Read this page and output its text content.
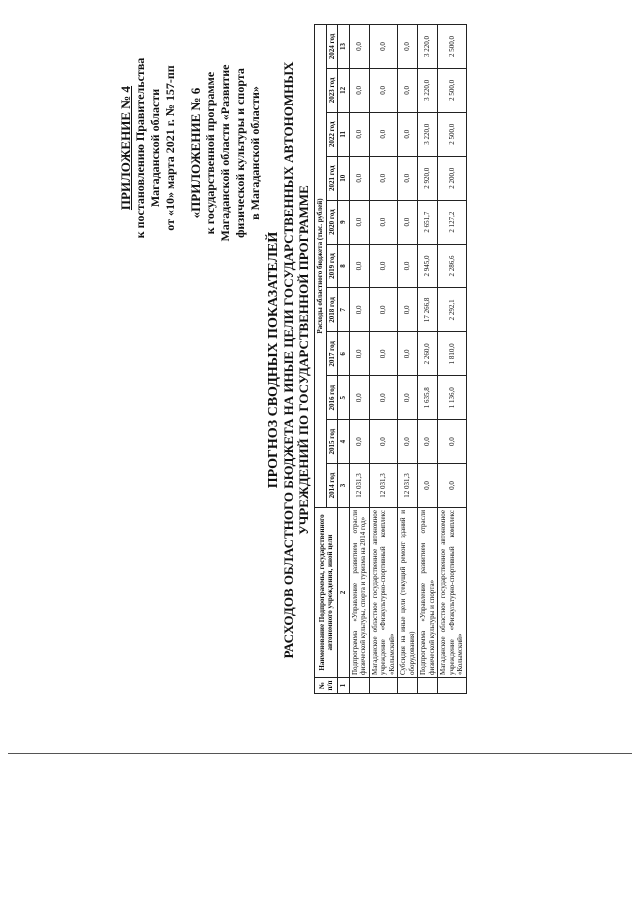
ПРИЛОЖЕНИЕ № 4 к постановлению Правительства Магаданской области от «10» марта 2021 г. № 157-пп «ПРИЛОЖЕНИЕ № 6 к государственной программе Магаданской области «Развитие физической культуры и спорта в Магаданской области»
ПРОГНОЗ СВОДНЫХ ПОКАЗАТЕЛЕЙ РАСХОДОВ ОБЛАСТНОГО БЮДЖЕТА НА ИНЫЕ ЦЕЛИ ГОСУДАРСТВЕННЫХ АВТОНОМНЫХ УЧРЕЖДЕНИЙ ПО ГОСУДАРСТВЕННОЙ ПРОГРАММЕ
№ п/п	Наименование Подпрограммы, государственного автономного учреждения, иной цели	Расходы областного бюджета (тыс. рублей)										
		2014 год	2015 год	2016 год	2017 год	2018 год	2019 год	2020 год	2021 год	2022 год	2023 год	2024 год
1	2	3	4	5	6	7	8	9	10	11	12	13
	Подпрограмма «Управление развитием отрасли физической культуры, спорта и туризма на 2014 год»	12 031,3	0,0	0,0	0,0	0,0	0,0	0,0	0,0	0,0	0,0	0,0
	Магаданское областное государственное автономное учреждение «Физкультурно-спортивный комплекс «Колымский»	12 031,3	0,0	0,0	0,0	0,0	0,0	0,0	0,0	0,0	0,0	0,0
	Субсидия на иные цели (текущий ремонт зданий и оборудования)	12 031,3	0,0	0,0	0,0	0,0	0,0	0,0	0,0	0,0	0,0	0,0
	Подпрограмма «Управление развитием отрасли физической культуры и спорта»	0,0	0,0	1 635,8	2 260,0	17 266,8	2 945,0	2 651,7	2 920,0	3 220,0	3 220,0	3 220,0
	Магаданское областное государственное автономное учреждение «Физкультурно-спортивный комплекс «Колымский»	0,0	0,0	1 136,0	1 810,0	2 292,1	2 286,6	2 127,2	2 200,0	2 500,0	2 500,0	2 500,0
